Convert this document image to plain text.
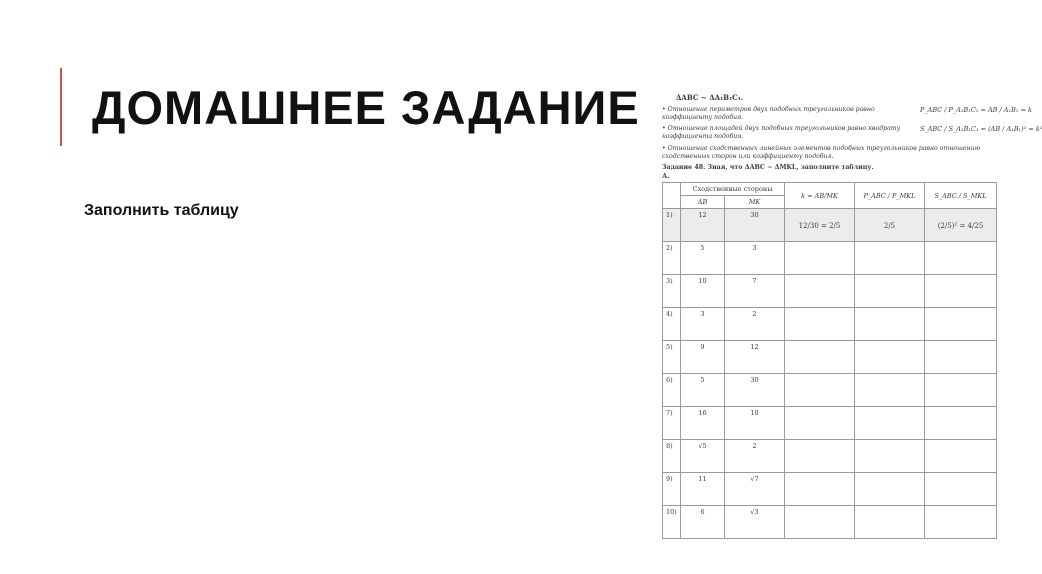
ДОМАШНЕЕ ЗАДАНИЕ

Заполнить таблицу

ΔABC ~ ΔA₁B₁C₁.
• Отношение периметров двух подобных треугольников равно коэффициенту подобия.
P_ABC / P_A₁B₁C₁ = AB / A₁B₁ = k
• Отношение площадей двух подобных треугольников равно квадрату коэффициента подобия.
S_ABC / S_A₁B₁C₁ = (AB / A₁B₁)² = k²
• Отношение сходственных линейных элементов подобных треугольников равно отношению сходственных сторон или коэффициенту подобия.
Задание 48. Зная, что ΔABC ~ ΔMKL, заполните таблицу.
А.
	Сходственные стороны		k = AB/MK	P_ABC / P_MKL	S_ABC / S_MKL
	AB	MK			
1)	12	30	12/30 = 2/5	2/5	(2/5)² = 4/25
2)	5	3			
3)	10	7			
4)	3	2			
5)	9	12			
6)	5	30			
7)	16	10			
8)	√5	2			
9)	11	√7			
10)	6	√3			
